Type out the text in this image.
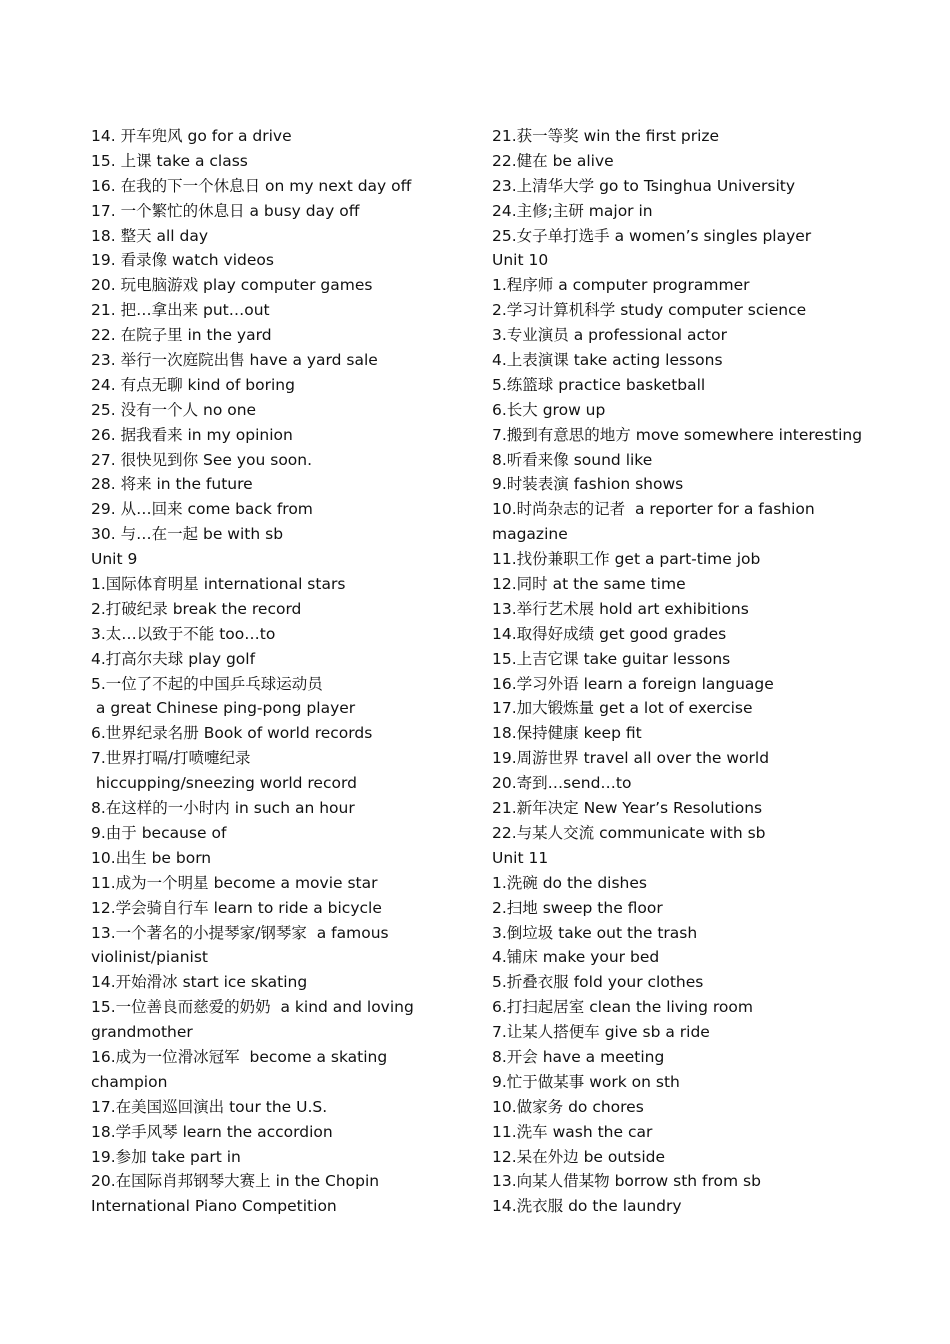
14. 开车兜风 go for a drive
15. 上课 take a class
16. 在我的下一个休息日 on my next day off
17. 一个繁忙的休息日 a busy day off
18. 整天 all day
19. 看录像 watch videos
20. 玩电脑游戏 play computer games
21. 把…拿出来 put…out
22. 在院子里 in the yard
23. 举行一次庭院出售 have a yard sale
24. 有点无聊 kind of boring
25. 没有一个人 no one
26. 据我看来 in my opinion
27. 很快见到你 See you soon.
28. 将来 in the future
29. 从…回来 come back from
30. 与…在一起 be with sb
Unit 9
1.国际体育明星 international stars
2.打破纪录 break the record
3.太…以致于不能 too…to
4.打高尔夫球 play golf
5.一位了不起的中国乒乓球运动员
a great Chinese ping-pong player
6.世界纪录名册 Book of world records
7.世界打嗝/打喷嚏纪录
hiccupping/sneezing world record
8.在这样的一小时内 in such an hour
9.由于 because of
10.出生 be born
11.成为一个明星 become a movie star
12.学会骑自行车 learn to ride a bicycle
13.一个著名的小提琴家/钢琴家  a famous
violinist/pianist
14.开始滑冰 start ice skating
15.一位善良而慈爱的奶奶  a kind and loving
grandmother
16.成为一位滑冰冠军  become a skating
champion
17.在美国巡回演出 tour the U.S.
18.学手风琴 learn the accordion
19.参加 take part in
20.在国际肖邦钢琴大赛上 in the Chopin
International Piano Competition
21.获一等奖 win the first prize
22.健在 be alive
23.上清华大学 go to Tsinghua University
24.主修;主研 major in
25.女子单打选手 a women’s singles player
Unit 10
1.程序师 a computer programmer
2.学习计算机科学 study computer science
3.专业演员 a professional actor
4.上表演课 take acting lessons
5.练篮球 practice basketball
6.长大 grow up
7.搬到有意思的地方 move somewhere interesting
8.听看来像 sound like
9.时装表演 fashion shows
10.时尚杂志的记者  a reporter for a fashion
magazine
11.找份兼职工作 get a part-time job
12.同时 at the same time
13.举行艺术展 hold art exhibitions
14.取得好成绩 get good grades
15.上吉它课 take guitar lessons
16.学习外语 learn a foreign language
17.加大锻炼量 get a lot of exercise
18.保持健康 keep fit
19.周游世界 travel all over the world
20.寄到…send…to
21.新年决定 New Year’s Resolutions
22.与某人交流 communicate with sb
Unit 11
1.洗碗 do the dishes
2.扫地 sweep the floor
3.倒垃圾 take out the trash
4.铺床 make your bed
5.折叠衣服 fold your clothes
6.打扫起居室 clean the living room
7.让某人搭便车 give sb a ride
8.开会 have a meeting
9.忙于做某事 work on sth
10.做家务 do chores
11.洗车 wash the car
12.呆在外边 be outside
13.向某人借某物 borrow sth from sb
14.洗衣服 do the laundry
